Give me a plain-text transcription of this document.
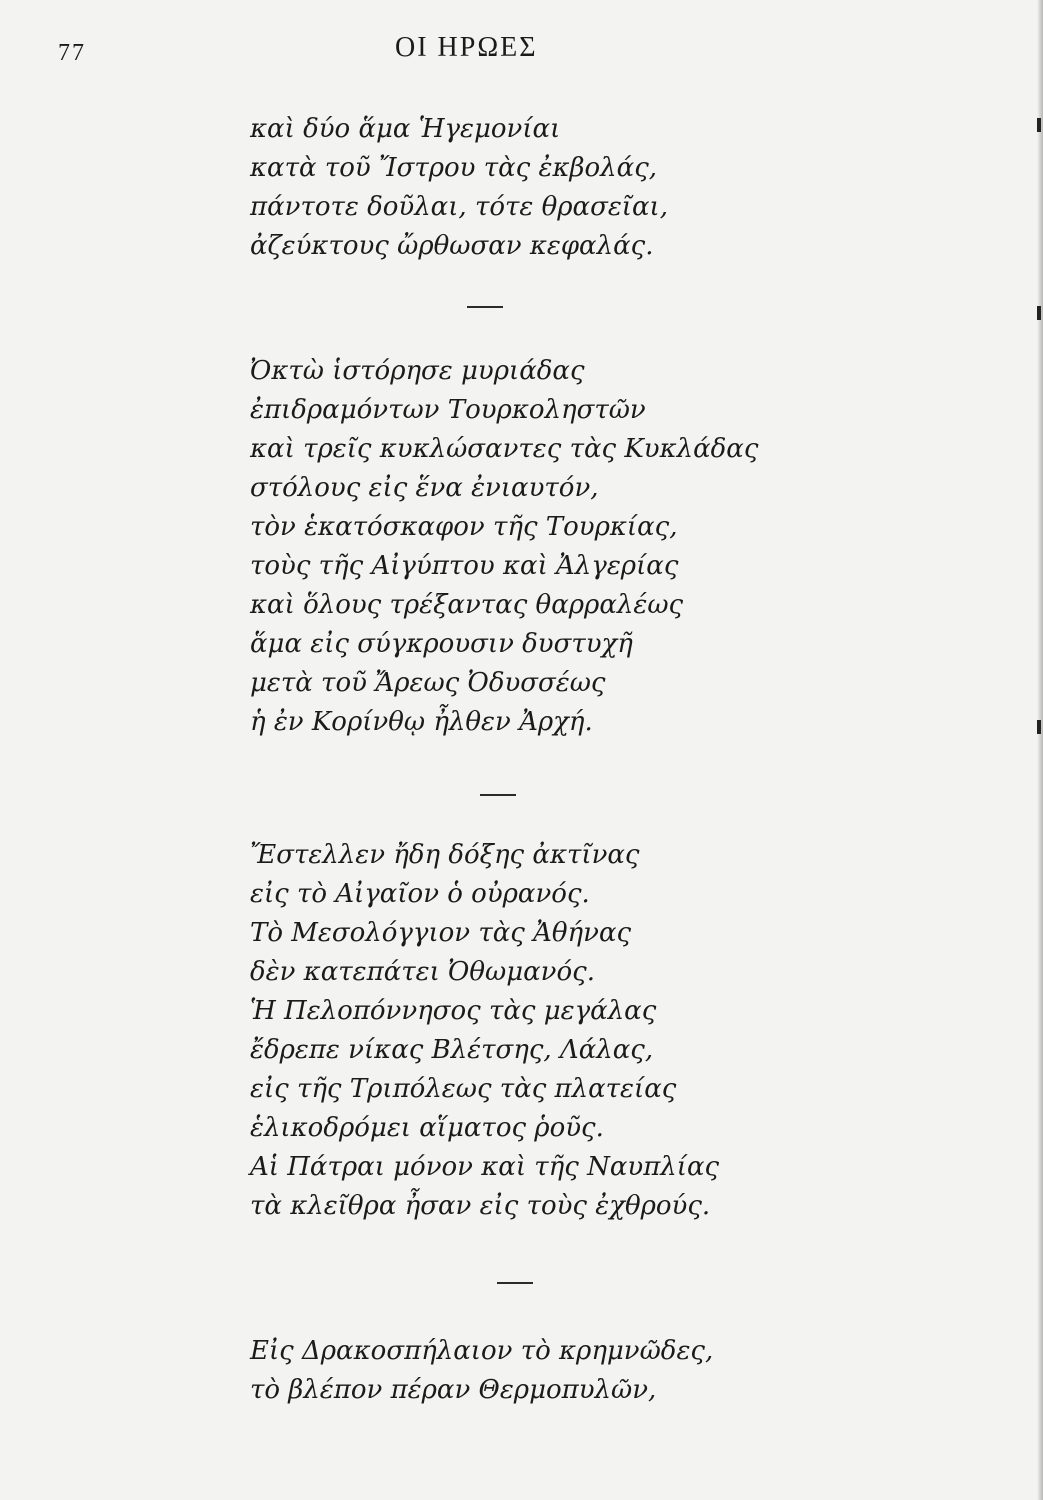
77	ΟΙ ΗΡΩΕΣ
καὶ δύο ἅμα Ἡγεμονίαι
κατὰ τοῦ Ἴστρου τὰς ἐκβολάς,
πάντοτε δοῦλαι, τότε θρασεῖαι,
ἀζεύκτους ὤρθωσαν κεφαλάς.
Ὀκτὼ ἱστόρησε μυριάδας
ἐπιδραμόντων Τουρκοληστῶν
καὶ τρεῖς κυκλώσαντες τὰς Κυκλάδας
στόλους εἰς ἕνα ἐνιαυτόν,
τὸν ἑκατόσκαφον τῆς Τουρκίας,
τοὺς τῆς Αἰγύπτου καὶ Ἀλγερίας
καὶ ὅλους τρέξαντας θαρραλέως
ἅμα εἰς σύγκρουσιν δυστυχῆ
μετὰ τοῦ Ἄρεως Ὀδυσσέως
ἡ ἐν Κορίνθῳ ἦλθεν Ἀρχή.
Ἔστελλεν ἤδη δόξης ἀκτῖνας
εἰς τὸ Αἰγαῖον ὁ οὐρανός.
Τὸ Μεσολόγγιον τὰς Ἀθήνας
δὲν κατεπάτει Ὀθωμανός.
Ἡ Πελοπόννησος τὰς μεγάλας
ἔδρεπε νίκας Βλέτσης, Λάλας,
εἰς τῆς Τριπόλεως τὰς πλατείας
ἑλικοδρόμει αἵματος ῥοῦς.
Αἱ Πάτραι μόνον καὶ τῆς Ναυπλίας
τὰ κλεῖθρα ἦσαν εἰς τοὺς ἐχθρούς.
Εἰς Δρακοσπήλαιον τὸ κρημνῶδες,
τὸ βλέπον πέραν Θερμοπυλῶν,
